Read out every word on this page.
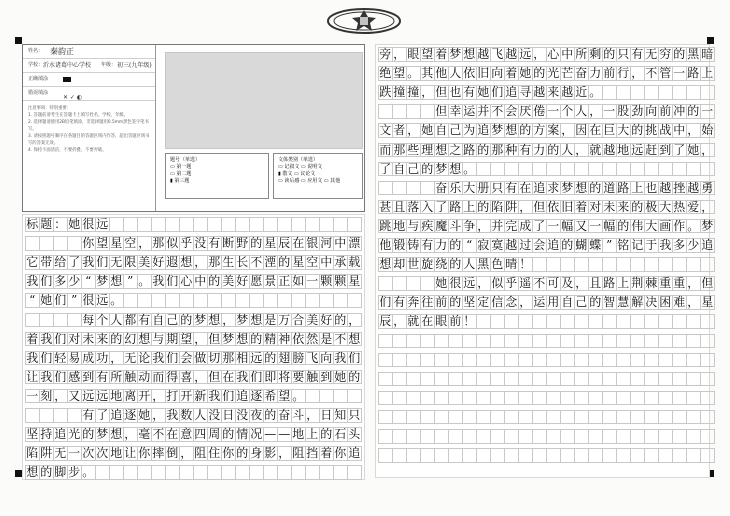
姓名： 秦韵正
学校： 沂水诸葛中心学校 年级： 初三(九年级)
正确填涂
错误填涂
✕ ✓ ◐
注意事项：特别重要：
1. 答题前请考生在答题卡上填写姓名、学校、年级。
2. 选择题请使用2B铅笔填涂，非选择题用0.5mm黑色签字笔书写。
3. 请按照题号顺序在各题目的答题区域内作答，超出答题区域书写的答案无效。
4. 保持卡面清洁，不要折叠、不要弄破。
题号（单选）
▭ 第一题
▭ 第二题
▮ 第三题
文体类别（单选）
▭ 记叙文 ▭ 说明文
▮ 散文 ▭ 议论文
▭ 读后感 ▭ 应用文 ▭ 其他
标 题 ： 她 很 远
你 望 星 空 ， 那 似 乎 没 有 断 野 的 星 辰 在 银 河 中 漂
它 带 给 了 我 们 无 限 美 好 遐 想 ， 那 生 长 不 湮 的 星 空 中 承 载
我 们 多 少 “ 梦 想 ” 。 我 们 心 中 的 美 好 愿 景 正 如 一 颗 颗 星
“ 她 们 ” 很 远 。
每 个 人 都 有 自 己 的 梦 想 ， 梦 想 是 万 合 美 好 的 ，
着 我 们 对 未 来 的 幻 想 与 期 望 ， 但 梦 想 的 精 神 依 然 是 不 想
我 们 轻 易 成 功 ， 无 论 我 们 会 做 切 那 相 远 的 翅 膀 飞 向 我 们
让 我 们 感 到 有 所 触 动 而 得 喜 ， 但 在 我 们 即 将 要 触 到 她 的
一 刻 ， 又 远 远 地 离 开 ， 打 开 新 我 们 追 逐 希 望 。
有 了 追 逐 她 ， 我 数 人 没 日 没 夜 的 奋 斗 ， 日 知 只
坚 持 追 光 的 梦 想 ， 毫 不 在 意 四 周 的 情 况 — — 地 上 的 石 头
陷 阱 无 一 次 次 地 让 你 摔 倒 ， 阻 住 你 的 身 影 ， 阻 挡 着 你 追
想 的 脚 步 。
旁 ， 眼 望 着 梦 想 越 飞 越 远 ， 心 中 所 剩 的 只 有 无 穷 的 黑 暗
绝 望 。 其 他 人 依 旧 向 着 她 的 光 芒 奋 力 前 行 ， 不 管 一 路 上
跌 撞 撞 ， 但 也 有 她 们 追 寻 越 来 越 近 。
但 幸 运 并 不 会 厌 倦 一 个 人 ， 一 股 劲 向 前 冲 的 一
文 者 ， 她 自 己 为 追 梦 想 的 方 案 ， 因 在 巨 大 的 挑 战 中 ， 始
而 那 些 理 想 之 路 的 那 种 有 力 的 人 ， 就 越 地 远 赶 到 了 她 ，
了 自 己 的 梦 想 。
奋 乐 大 册 只 有 在 追 求 梦 想 的 道 路 上 也 越 挫 越 勇
甚 且 落 入 了 路 上 的 陷 阱 ， 但 依 旧 着 对 未 来 的 极 大 热 爱 ，
跳 地 与 疾 魔 斗 争 ， 并 完 成 了 一 幅 又 一 幅 的 伟 大 画 作 。 梦
他 锻 铸 有 力 的 “ 寂 寞 越 过 会 追 的 蝴 蝶 ” 铭 记 于 我 多 少 追
想 却 世 旋 绕 的 人 黑 色 晴 ！
她 很 远 ， 似 乎 遥 不 可 及 ， 且 路 上 荆 棘 重 重 ， 但
们 有 奔 往 前 的 坚 定 信 念 ， 运 用 自 己 的 智 慧 解 决 困 难 ， 星
辰 ， 就 在 眼 前 ！
